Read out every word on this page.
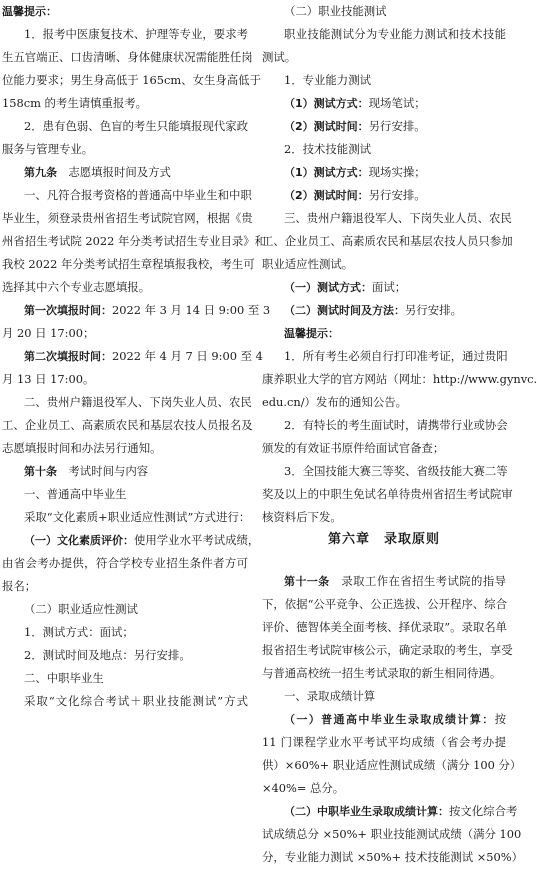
温馨提示：
1．报考中医康复技术、护理等专业，要求考
生五官端正、口齿清晰、身体健康状况需能胜任岗
位能力要求；男生身高低于 165cm、女生身高低于
158cm 的考生请慎重报考。
2．患有色弱、色盲的考生只能填报现代家政
服务与管理专业。
第九条　志愿填报时间及方式
一、凡符合报考资格的普通高中毕业生和中职
毕业生，须登录贵州省招生考试院官网，根据《贵
州省招生考试院 2022 年分类考试招生专业目录》和
我校 2022 年分类考试招生章程填报我校，考生可
选择其中六个专业志愿填报。
第一次填报时间：2022 年 3 月 14 日 9:00 至 3
月 20 日 17:00；
第二次填报时间：2022 年 4 月 7 日 9:00 至 4
月 13 日 17:00。
二、贵州户籍退役军人、下岗失业人员、农民
工、企业员工、高素质农民和基层农技人员报名及
志愿填报时间和办法另行通知。
第十条　考试时间与内容
一、普通高中毕业生
采取“文化素质+职业适应性测试”方式进行：
（一）文化素质评价：使用学业水平考试成绩，
由省会考办提供，符合学校专业招生条件者方可
报名；
（二）职业适应性测试
1．测试方式：面试；
2．测试时间及地点：另行安排。
二、中职毕业生
采取“文化综合考试＋职业技能测试”方式
（二）职业技能测试
职业技能测试分为专业能力测试和技术技能
测试。
1．专业能力测试
（1）测试方式：现场笔试；
（2）测试时间：另行安排。
2．技术技能测试
（1）测试方式：现场实操；
（2）测试时间：另行安排。
三、贵州户籍退役军人、下岗失业人员、农民
工、企业员工、高素质农民和基层农技人员只参加
职业适应性测试。
（一）测试方式：面试；
（二）测试时间及方法：另行安排。
温馨提示：
1．所有考生必须自行打印准考证，通过贵阳
康养职业大学的官方网站（网址：http://www.gynvc.
edu.cn/）发布的通知公告。
2．有特长的考生面试时，请携带行业或协会
颁发的有效证书原件给面试官备查；
3．全国技能大赛三等奖、省级技能大赛二等
奖及以上的中职生免试名单待贵州省招生考试院审
核资料后下发。
第十一条　录取工作在省招生考试院的指导
下，依据“公平竞争、公正选拔、公开程序、综合
评价、德智体美全面考核、择优录取”。录取名单
报省招生考试院审核公示，确定录取的考生，享受
与普通高校统一招生考试录取的新生相同待遇。
一、录取成绩计算
（一）普通高中毕业生录取成绩计算：按
11 门课程学业水平考试平均成绩（省会考办提
供）×60%+ 职业适应性测试成绩（满分 100 分）
×40%= 总分。
（二）中职毕业生录取成绩计算：按文化综合考
试成绩总分 ×50%+ 职业技能测试成绩（满分 100
分，专业能力测试 ×50%+ 技术技能测试 ×50%）
第六章　录取原则
